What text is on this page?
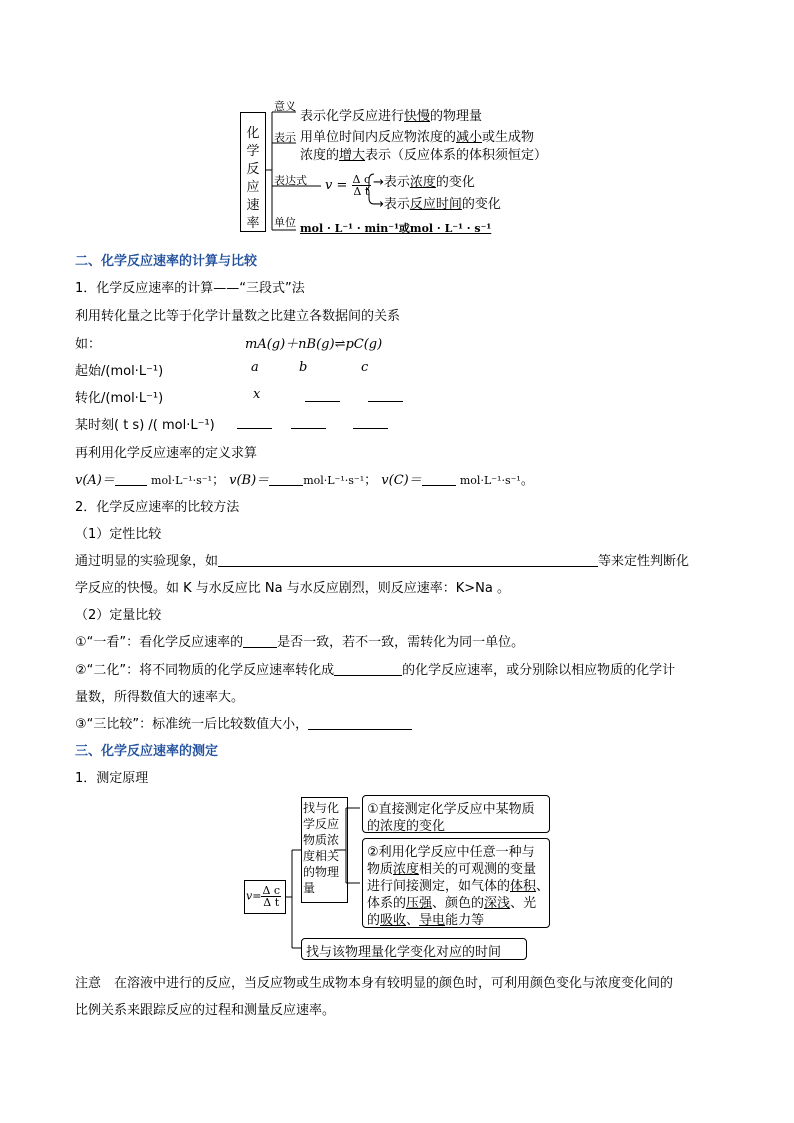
化
学
反
应
速
率
意义
表示化学反应进行快慢的物理量
表示 用单位时间内反应物浓度的减小或生成物
浓度的增大表示（反应体系的体积须恒定）
表达式 $v = \frac{\text{Δ c}}{\text{Δ t}}$ →表示浓度的变化
→表示反应时间的变化
单位 mol · L⁻¹ · min⁻¹或mol · L⁻¹ · s⁻¹
二、化学反应速率的计算与比较
1．化学反应速率的计算——“三段式”法
利用转化量之比等于化学计量数之比建立各数据间的关系
如：	mA(g)＋nB(g)⇌pC(g)
起始/(mol·L⁻¹)	a	b	c
转化/(mol·L⁻¹)	x
某时刻( t s) /( mol·L⁻¹)
再利用化学反应速率的定义求算
v(A)＝	mol·L⁻¹·s⁻¹； v(B)＝	mol·L⁻¹·s⁻¹； v(C)＝	mol·L⁻¹·s⁻¹。
2．化学反应速率的比较方法
（1）定性比较
通过明显的实验现象，如	等来定性判断化
学反应的快慢。如 K 与水反应比 Na 与水反应剧烈，则反应速率：K>Na 。
（2）定量比较
①“一看”：看化学反应速率的	是否一致，若不一致，需转化为同一单位。
②“二化”：将不同物质的化学反应速率转化成	的化学反应速率，或分别除以相应物质的化学计
量数，所得数值大的速率大。
③“三比较”：标准统一后比较数值大小，
三、化学反应速率的测定
1．测定原理
$v= \frac{\text{Δ c}}{\text{Δ t}}$
找与化
学反应
物质浓
度相关
的物理
量
①直接测定化学反应中某物质
的浓度的变化
②利用化学反应中任意一种与
物质浓度相关的可观测的变量
进行间接测定，如气体的体积、
体系的压强、颜色的深浅、光
的吸收、导电能力等
找与该物理量化学变化对应的时间
注意　在溶液中进行的反应，当反应物或生成物本身有较明显的颜色时，可利用颜色变化与浓度变化间的
比例关系来跟踪反应的过程和测量反应速率。
